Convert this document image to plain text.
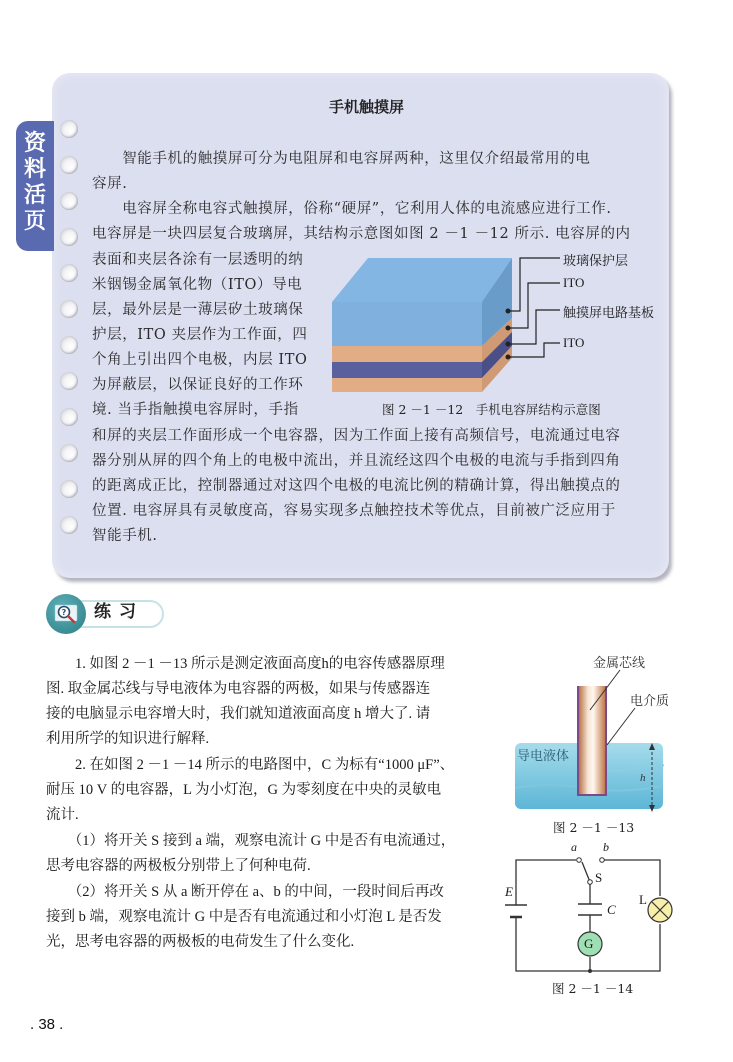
资
料
活
页
手机触摸屏
　　智能手机的触摸屏可分为电阻屏和电容屏两种，这里仅介绍最常用的电
容屏.
　　电容屏全称电容式触摸屏，俗称“硬屏”，它利用人体的电流感应进行工作.
电容屏是一块四层复合玻璃屏，其结构示意图如图 2 －1 －12 所示. 电容屏的内
表面和夹层各涂有一层透明的纳
米铟锡金属氧化物（ITO）导电
层，最外层是一薄层矽土玻璃保
护层，ITO 夹层作为工作面，四
个角上引出四个电极，内层 ITO
为屏蔽层，以保证良好的工作环
境. 当手指触摸电容屏时，手指
和屏的夹层工作面形成一个电容器，因为工作面上接有高频信号，电流通过电容
器分别从屏的四个角上的电极中流出，并且流经这四个电极的电流与手指到四角
的距离成正比，控制器通过对这四个电极的电流比例的精确计算，得出触摸点的
位置. 电容屏具有灵敏度高，容易实现多点触控技术等优点，目前被广泛应用于
智能手机.
玻璃保护层
ITO
触摸屏电路基板
ITO
图 2 －1 －12　手机电容屏结构示意图
? 练习
　　1. 如图 2 －1 －13 所示是测定液面高度h的电容传感器原理
图. 取金属芯线与导电液体为电容器的两极，如果与传感器连
接的电脑显示电容增大时，我们就知道液面高度 h 增大了. 请
利用所学的知识进行解释.
　　2. 在如图 2 －1 －14 所示的电路图中，C 为标有“1000 μF”、
耐压 10 V 的电容器，L 为小灯泡，G 为零刻度在中央的灵敏电
流计.
　　（1）将开关 S 接到 a 端，观察电流计 G 中是否有电流通过，
思考电容器的两极板分别带上了何种电荷.
　　（2）将开关 S 从 a 断开停在 a、b 的中间，一段时间后再改
接到 b 端，观察电流计 G 中是否有电流通过和小灯泡 L 是否发
光，思考电容器的两极板的电荷发生了什么变化.
金属芯线
电介质
导电液体
h
图 2 －1 －13
a b
S
E
C
L
G
图 2 －1 －14
. 38 .
